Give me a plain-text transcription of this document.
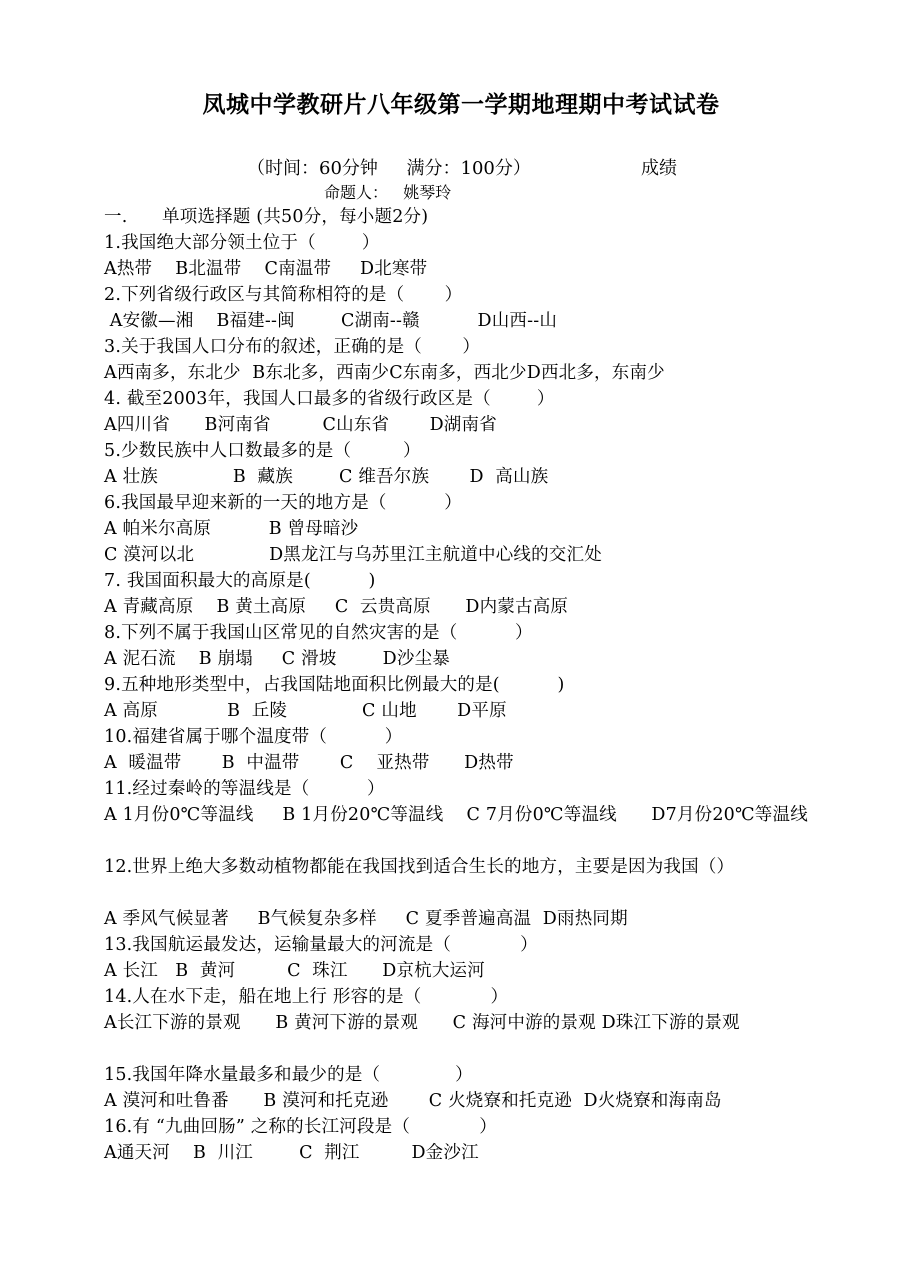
凤城中学教研片八年级第一学期地理期中考试试卷
（时间：60分钟     满分：100分）	成绩
命题人：   姚琴玲
一.      单项选择题 (共50分，每小题2分)
1.我国绝大部分领土位于（        ）
A热带    B北温带    C南温带     D北寒带
2.下列省级行政区与其简称相符的是（       ）
A安徽—湘    B福建--闽        C湖南--赣          D山西--山
3.关于我国人口分布的叙述，正确的是（       ）
A西南多，东北少  B东北多，西南少C东南多，西北少D西北多，东南少
4. 截至2003年，我国人口最多的省级行政区是（        ）
A四川省      B河南省         C山东省       D湖南省
5.少数民族中人口数最多的是（         ）
A 壮族             B  藏族        C 维吾尔族       D  高山族
6.我国最早迎来新的一天的地方是（          ）
A 帕米尔高原          B 曾母暗沙
C 漠河以北             D黑龙江与乌苏里江主航道中心线的交汇处
7. 我国面积最大的高原是(          )
A 青藏高原    B 黄土高原     C  云贵高原      D内蒙古高原
8.下列不属于我国山区常见的自然灾害的是（          ）
A 泥石流    B 崩塌     C 滑坡        D沙尘暴
9.五种地形类型中，占我国陆地面积比例最大的是(          )
A 高原            B  丘陵             C 山地       D平原
10.福建省属于哪个温度带（          ）
A  暖温带       B  中温带       C    亚热带      D热带
11.经过秦岭的等温线是（          ）
A 1月份0℃等温线     B 1月份20℃等温线    C 7月份0℃等温线      D7月份20℃等温线
12.世界上绝大多数动植物都能在我国找到适合生长的地方，主要是因为我国（）
A 季风气候显著     B气候复杂多样     C 夏季普遍高温  D雨热同期
13.我国航运最发达，运输量最大的河流是（            ）
A 长江   B  黄河         C  珠江      D京杭大运河
14.人在水下走，船在地上行 形容的是（            ）
A长江下游的景观      B 黄河下游的景观      C 海河中游的景观 D珠江下游的景观
15.我国年降水量最多和最少的是（             ）
A 漠河和吐鲁番      B 漠河和托克逊       C 火烧寮和托克逊  D火烧寮和海南岛
16.有 “九曲回肠” 之称的长江河段是（            ）
A通天河    B  川江        C  荆江         D金沙江
